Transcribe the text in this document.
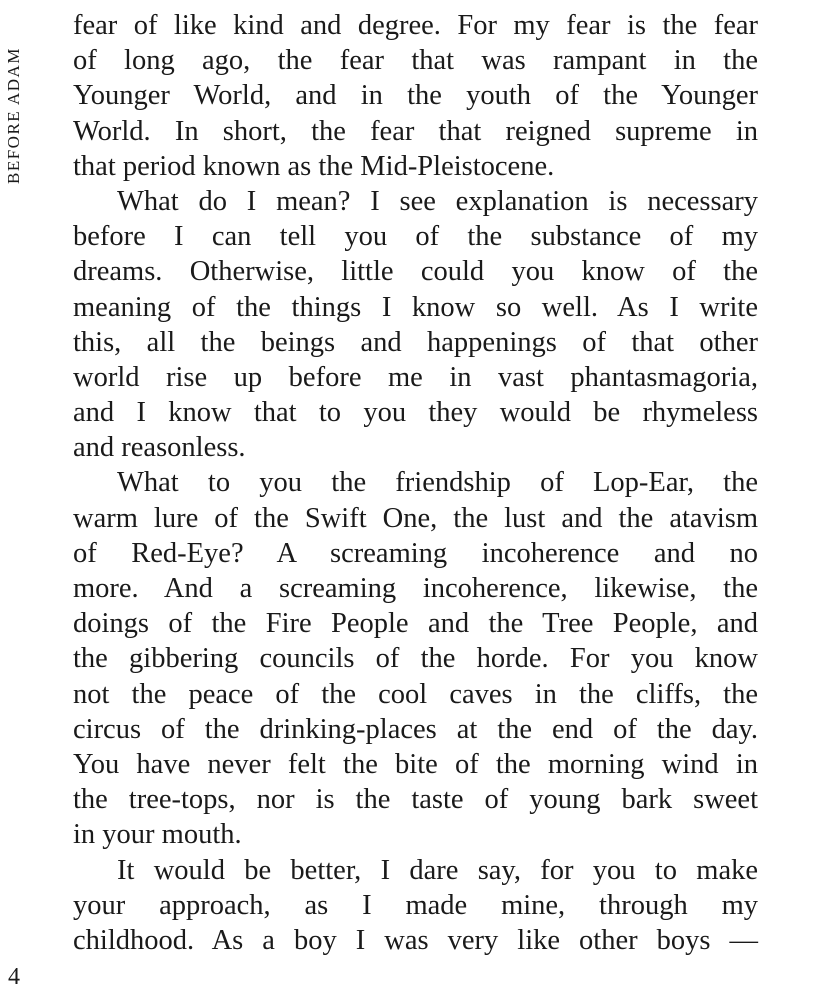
BEFORE ADAM
fear of like kind and degree. For my fear is the fear
of long ago, the fear that was rampant in the
Younger World, and in the youth of the Younger
World. In short, the fear that reigned supreme in
that period known as the Mid-Pleistocene.
What do I mean? I see explanation is necessary
before I can tell you of the substance of my
dreams. Otherwise, little could you know of the
meaning of the things I know so well. As I write
this, all the beings and happenings of that other
world rise up before me in vast phantasmagoria,
and I know that to you they would be rhymeless
and reasonless.
What to you the friendship of Lop-Ear, the
warm lure of the Swift One, the lust and the atavism
of Red-Eye? A screaming incoherence and no
more. And a screaming incoherence, likewise, the
doings of the Fire People and the Tree People, and
the gibbering councils of the horde. For you know
not the peace of the cool caves in the cliffs, the
circus of the drinking-places at the end of the day.
You have never felt the bite of the morning wind in
the tree-tops, nor is the taste of young bark sweet
in your mouth.
It would be better, I dare say, for you to make
your approach, as I made mine, through my
childhood. As a boy I was very like other boys —
4
